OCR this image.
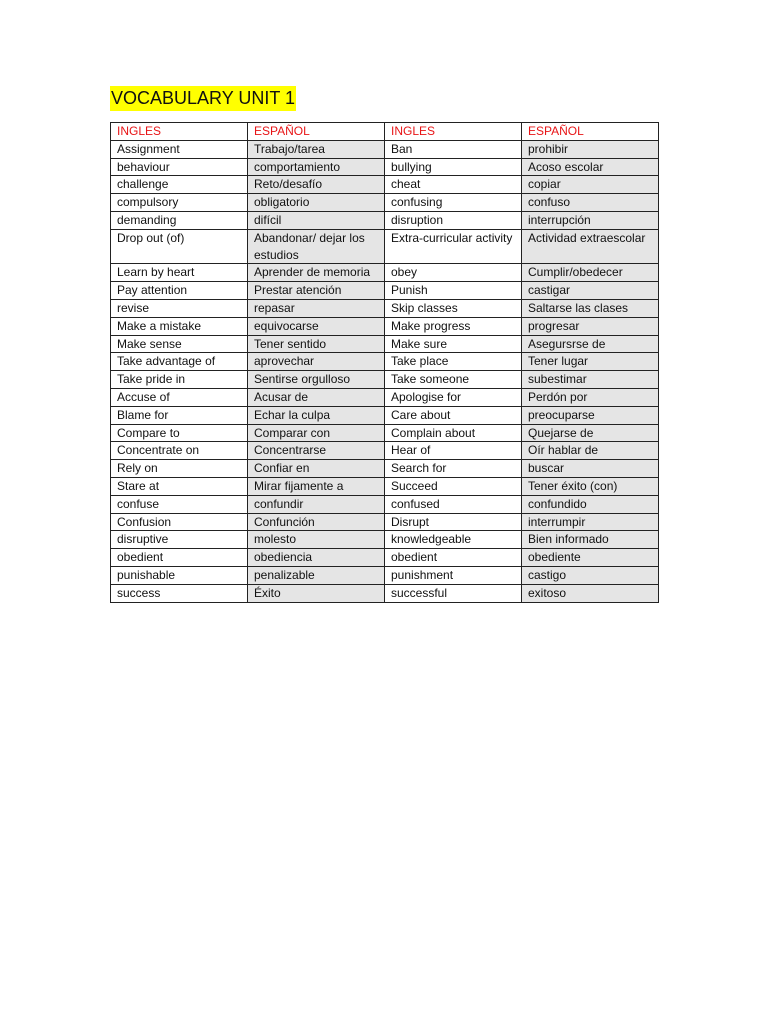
VOCABULARY UNIT 1
INGLES	ESPAÑOL	INGLES	ESPAÑOL
Assignment	Trabajo/tarea	Ban	prohibir
behaviour	comportamiento	bullying	Acoso escolar
challenge	Reto/desafío	cheat	copiar
compulsory	obligatorio	confusing	confuso
demanding	difícil	disruption	interrupción
Drop out (of)	Abandonar/ dejar los estudios	Extra-curricular activity	Actividad extraescolar
Learn by heart	Aprender de memoria	obey	Cumplir/obedecer
Pay attention	Prestar atención	Punish	castigar
revise	repasar	Skip classes	Saltarse las clases
Make a mistake	equivocarse	Make progress	progresar
Make sense	Tener sentido	Make sure	Asegursrse de
Take advantage of	aprovechar	Take place	Tener lugar
Take pride in	Sentirse orgulloso	Take someone	subestimar
Accuse of	Acusar de	Apologise for	Perdón por
Blame for	Echar la culpa	Care about	preocuparse
Compare to	Comparar con	Complain about	Quejarse de
Concentrate on	Concentrarse	Hear of	Oír hablar de
Rely on	Confiar en	Search for	buscar
Stare at	Mirar fijamente a	Succeed	Tener éxito (con)
confuse	confundir	confused	confundido
Confusion	Confunción	Disrupt	interrumpir
disruptive	molesto	knowledgeable	Bien informado
obedient	obediencia	obedient	obediente
punishable	penalizable	punishment	castigo
success	Éxito	successful	exitoso
